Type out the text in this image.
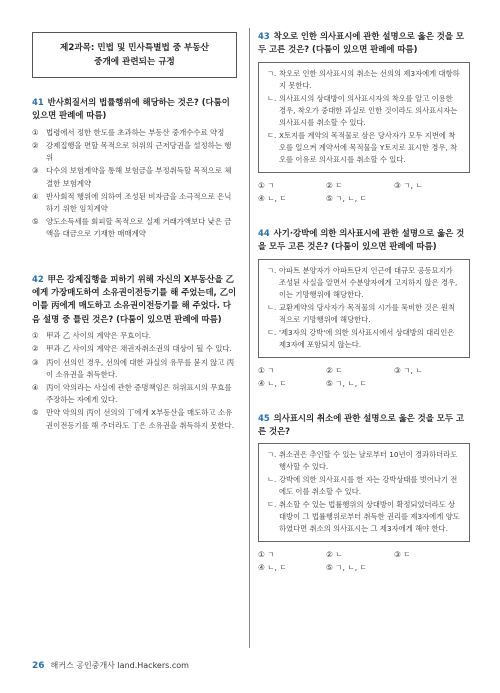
제2과목: 민법 및 민사특별법 중 부동산
중개에 관련되는 규정
41 반사회질서의 법률행위에 해당하는 것은? (다툼이 있으면 판례에 따름)
① 법령에서 정한 한도를 초과하는 부동산 중개수수료 약정
② 강제집행을 면할 목적으로 허위의 근저당권을 설정하는 행위
③ 다수의 보험계약을 통해 보험금을 부정취득할 목적으로 체결한 보험계약
④ 반사회적 행위에 의하여 조성된 비자금을 소극적으로 은닉하기 위한 임치계약
⑤ 양도소득세를 회피할 목적으로 실제 거래가액보다 낮은 금액을 대금으로 기재한 매매계약
42 甲은 강제집행을 피하기 위해 자신의 X부동산을 乙에게 가장매도하여 소유권이전등기를 해 주었는데, 乙이 이를 丙에게 매도하고 소유권이전등기를 해 주었다. 다음 설명 중 틀린 것은? (다툼이 있으면 판례에 따름)
① 甲과 乙 사이의 계약은 무효이다.
② 甲과 乙 사이의 계약은 채권자취소권의 대상이 될 수 있다.
③ 丙이 선의인 경우, 선의에 대한 과실의 유무를 묻지 않고 丙이 소유권을 취득한다.
④ 丙이 악의라는 사실에 관한 증명책임은 허위표시의 무효를 주장하는 자에게 있다.
⑤ 만약 악의의 丙이 선의의 丁에게 X부동산을 매도하고 소유권이전등기를 해 주더라도 丁은 소유권을 취득하지 못한다.
43 착오로 인한 의사표시에 관한 설명으로 옳은 것을 모두 고른 것은? (다툼이 있으면 판례에 따름)
ㄱ. 착오로 인한 의사표시의 취소는 선의의 제3자에게 대항하지 못한다.
ㄴ. 의사표시의 상대방이 의사표시자의 착오를 알고 이용한 경우, 착오가 중대한 과실로 인한 것이라도 의사표시자는 의사표시를 취소할 수 있다.
ㄷ. X토지를 계약의 목적물로 삼은 당사자가 모두 지번에 착오를 일으켜 계약서에 목적물을 Y토지로 표시한 경우, 착오를 이유로 의사표시를 취소할 수 있다.
① ㄱ	② ㄷ	③ ㄱ, ㄴ
④ ㄴ, ㄷ	⑤ ㄱ, ㄴ, ㄷ
44 사기·강박에 의한 의사표시에 관한 설명으로 옳은 것을 모두 고른 것은? (다툼이 있으면 판례에 따름)
ㄱ. 아파트 분양자가 아파트단지 인근에 대규모 공동묘지가 조성된 사실을 알면서 수분양자에게 고지하지 않은 경우, 이는 기망행위에 해당한다.
ㄴ. 교환계약의 당사자가 목적물의 시가를 묵비한 것은 원칙적으로 기망행위에 해당한다.
ㄷ. '제3자의 강박'에 의한 의사표시에서 상대방의 대리인은 제3자에 포함되지 않는다.
① ㄱ	② ㄷ	③ ㄱ, ㄴ
④ ㄴ, ㄷ	⑤ ㄱ, ㄴ, ㄷ
45 의사표시의 취소에 관한 설명으로 옳은 것을 모두 고른 것은?
ㄱ. 취소권은 추인할 수 있는 날로부터 10년이 경과하더라도 행사할 수 있다.
ㄴ. 강박에 의한 의사표시를 한 자는 강박상태를 벗어나기 전에도 이를 취소할 수 있다.
ㄷ. 취소할 수 있는 법률행위의 상대방이 확정되었더라도 상대방이 그 법률행위로부터 취득한 권리를 제3자에게 양도하였다면 취소의 의사표시는 그 제3자에게 해야 한다.
① ㄱ	② ㄴ	③ ㄷ
④ ㄴ, ㄷ	⑤ ㄱ, ㄴ, ㄷ
26 해커스 공인중개사 land.Hackers.com
